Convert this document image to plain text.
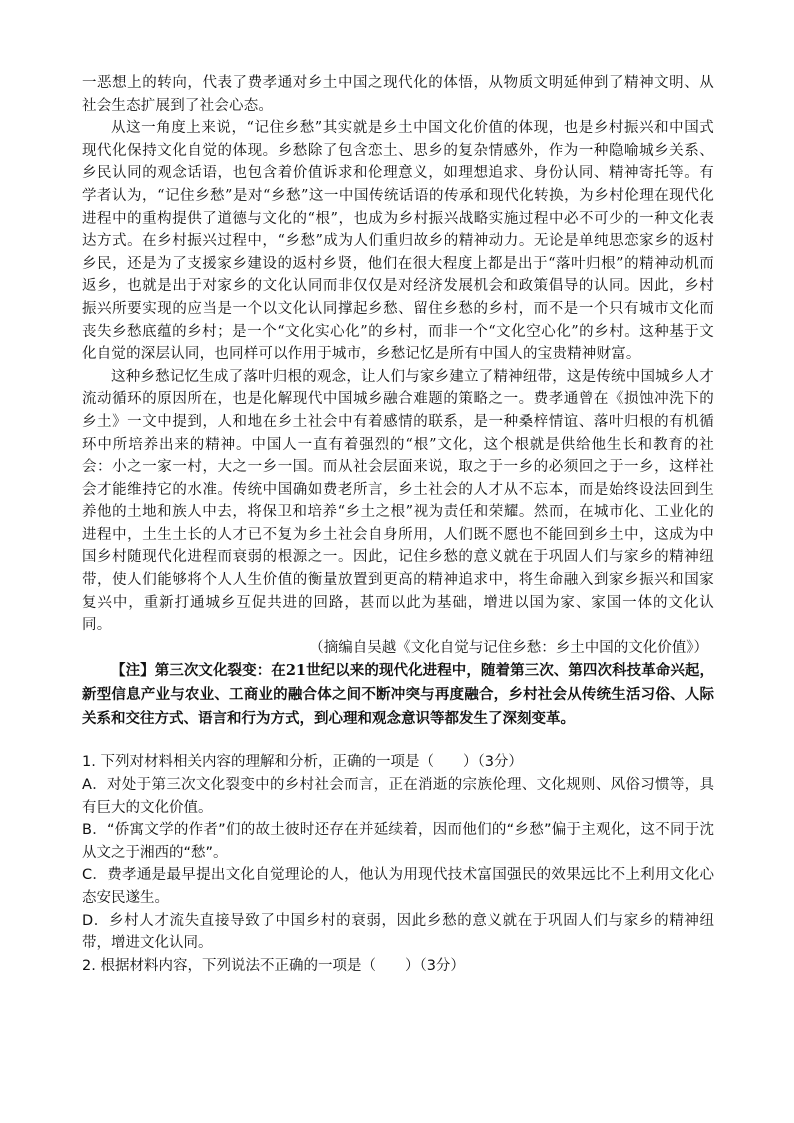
一恶想上的转向，代表了费孝通对乡土中国之现代化的体悟，从物质文明延伸到了精神文明、从社会生态扩展到了社会心态。

从这一角度上来说，“记住乡愁”其实就是乡土中国文化价值的体现，也是乡村振兴和中国式现代化保持文化自觉的体现。乡愁除了包含恋土、思乡的复杂情感外，作为一种隐喻城乡关系、乡民认同的观念话语，也包含着价值诉求和伦理意义，如理想追求、身份认同、精神寄托等。有学者认为，“记住乡愁”是对“乡愁”这一中国传统话语的传承和现代化转换，为乡村伦理在现代化进程中的重构提供了道德与文化的“根”，也成为乡村振兴战略实施过程中必不可少的一种文化表达方式。在乡村振兴过程中，“乡愁”成为人们重归故乡的精神动力。无论是单纯思恋家乡的返村乡民，还是为了支援家乡建设的返村乡贤，他们在很大程度上都是出于“落叶归根”的精神动机而返乡，也就是出于对家乡的文化认同而非仅仅是对经济发展机会和政策倡导的认同。因此，乡村振兴所要实现的应当是一个以文化认同撑起乡愁、留住乡愁的乡村，而不是一个只有城市文化而丧失乡愁底蕴的乡村；是一个“文化实心化”的乡村，而非一个“文化空心化”的乡村。这种基于文化自觉的深层认同，也同样可以作用于城市，乡愁记忆是所有中国人的宝贵精神财富。

这种乡愁记忆生成了落叶归根的观念，让人们与家乡建立了精神纽带，这是传统中国城乡人才流动循环的原因所在，也是化解现代中国城乡融合难题的策略之一。费孝通曾在《损蚀冲洗下的乡土》一文中提到，人和地在乡土社会中有着感情的联系，是一种桑梓情谊、落叶归根的有机循环中所培养出来的精神。中国人一直有着强烈的“根”文化，这个根就是供给他生长和教育的社会：小之一家一村，大之一乡一国。而从社会层面来说，取之于一乡的必须回之于一乡，这样社会才能维持它的水准。传统中国确如费老所言，乡土社会的人才从不忘本，而是始终设法回到生养他的土地和族人中去，将保卫和培养“乡土之根”视为责任和荣耀。然而，在城市化、工业化的进程中，土生土长的人才已不复为乡土社会自身所用，人们既不愿也不能回到乡土中，这成为中国乡村随现代化进程而衰弱的根源之一。因此，记住乡愁的意义就在于巩固人们与家乡的精神纽带，使人们能够将个人人生价值的衡量放置到更高的精神追求中，将生命融入到家乡振兴和国家复兴中，重新打通城乡互促共进的回路，甚而以此为基础，增进以国为家、家国一体的文化认同。

（摘编自吴越《文化自觉与记住乡愁：乡土中国的文化价值》）

【注】第三次文化裂变：在21世纪以来的现代化进程中，随着第三次、第四次科技革命兴起，新型信息产业与农业、工商业的融合体之间不断冲突与再度融合，乡村社会从传统生活习俗、人际关系和交往方式、语言和行为方式，到心理和观念意识等都发生了深刻变革。

1. 下列对材料相关内容的理解和分析，正确的一项是（　　）（3分）

A．对处于第三次文化裂变中的乡村社会而言，正在消逝的宗族伦理、文化规则、风俗习惯等，具有巨大的文化价值。

B．“侨寓文学的作者”们的故土彼时还存在并延续着，因而他们的“乡愁”偏于主观化，这不同于沈从文之于湘西的“愁”。

C．费孝通是最早提出文化自觉理论的人，他认为用现代技术富国强民的效果远比不上利用文化心态安民遂生。

D．乡村人才流失直接导致了中国乡村的衰弱，因此乡愁的意义就在于巩固人们与家乡的精神纽带，增进文化认同。

2. 根据材料内容，下列说法不正确的一项是（　　）（3分）
